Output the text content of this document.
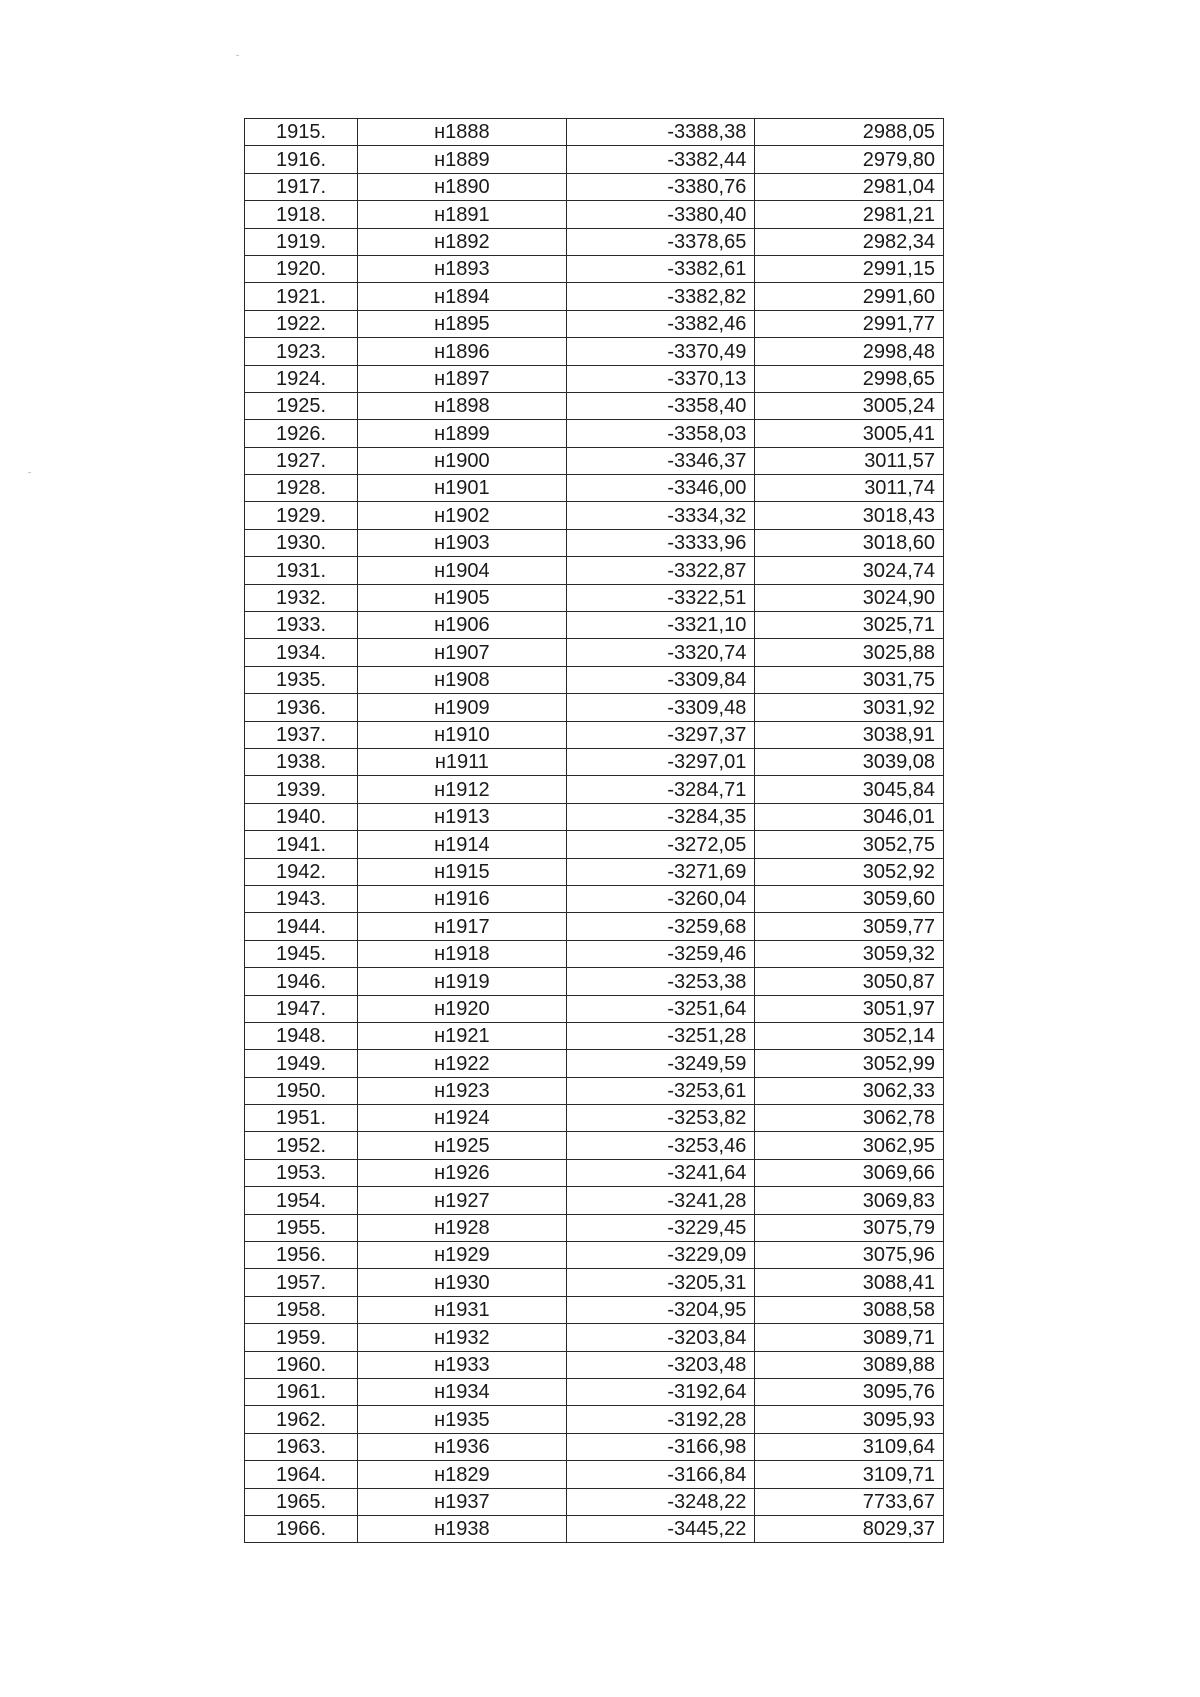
1915.	н1888	-3388,38	2988,05
1916.	н1889	-3382,44	2979,80
1917.	н1890	-3380,76	2981,04
1918.	н1891	-3380,40	2981,21
1919.	н1892	-3378,65	2982,34
1920.	н1893	-3382,61	2991,15
1921.	н1894	-3382,82	2991,60
1922.	н1895	-3382,46	2991,77
1923.	н1896	-3370,49	2998,48
1924.	н1897	-3370,13	2998,65
1925.	н1898	-3358,40	3005,24
1926.	н1899	-3358,03	3005,41
1927.	н1900	-3346,37	3011,57
1928.	н1901	-3346,00	3011,74
1929.	н1902	-3334,32	3018,43
1930.	н1903	-3333,96	3018,60
1931.	н1904	-3322,87	3024,74
1932.	н1905	-3322,51	3024,90
1933.	н1906	-3321,10	3025,71
1934.	н1907	-3320,74	3025,88
1935.	н1908	-3309,84	3031,75
1936.	н1909	-3309,48	3031,92
1937.	н1910	-3297,37	3038,91
1938.	н1911	-3297,01	3039,08
1939.	н1912	-3284,71	3045,84
1940.	н1913	-3284,35	3046,01
1941.	н1914	-3272,05	3052,75
1942.	н1915	-3271,69	3052,92
1943.	н1916	-3260,04	3059,60
1944.	н1917	-3259,68	3059,77
1945.	н1918	-3259,46	3059,32
1946.	н1919	-3253,38	3050,87
1947.	н1920	-3251,64	3051,97
1948.	н1921	-3251,28	3052,14
1949.	н1922	-3249,59	3052,99
1950.	н1923	-3253,61	3062,33
1951.	н1924	-3253,82	3062,78
1952.	н1925	-3253,46	3062,95
1953.	н1926	-3241,64	3069,66
1954.	н1927	-3241,28	3069,83
1955.	н1928	-3229,45	3075,79
1956.	н1929	-3229,09	3075,96
1957.	н1930	-3205,31	3088,41
1958.	н1931	-3204,95	3088,58
1959.	н1932	-3203,84	3089,71
1960.	н1933	-3203,48	3089,88
1961.	н1934	-3192,64	3095,76
1962.	н1935	-3192,28	3095,93
1963.	н1936	-3166,98	3109,64
1964.	н1829	-3166,84	3109,71
1965.	н1937	-3248,22	7733,67
1966.	н1938	-3445,22	8029,37
